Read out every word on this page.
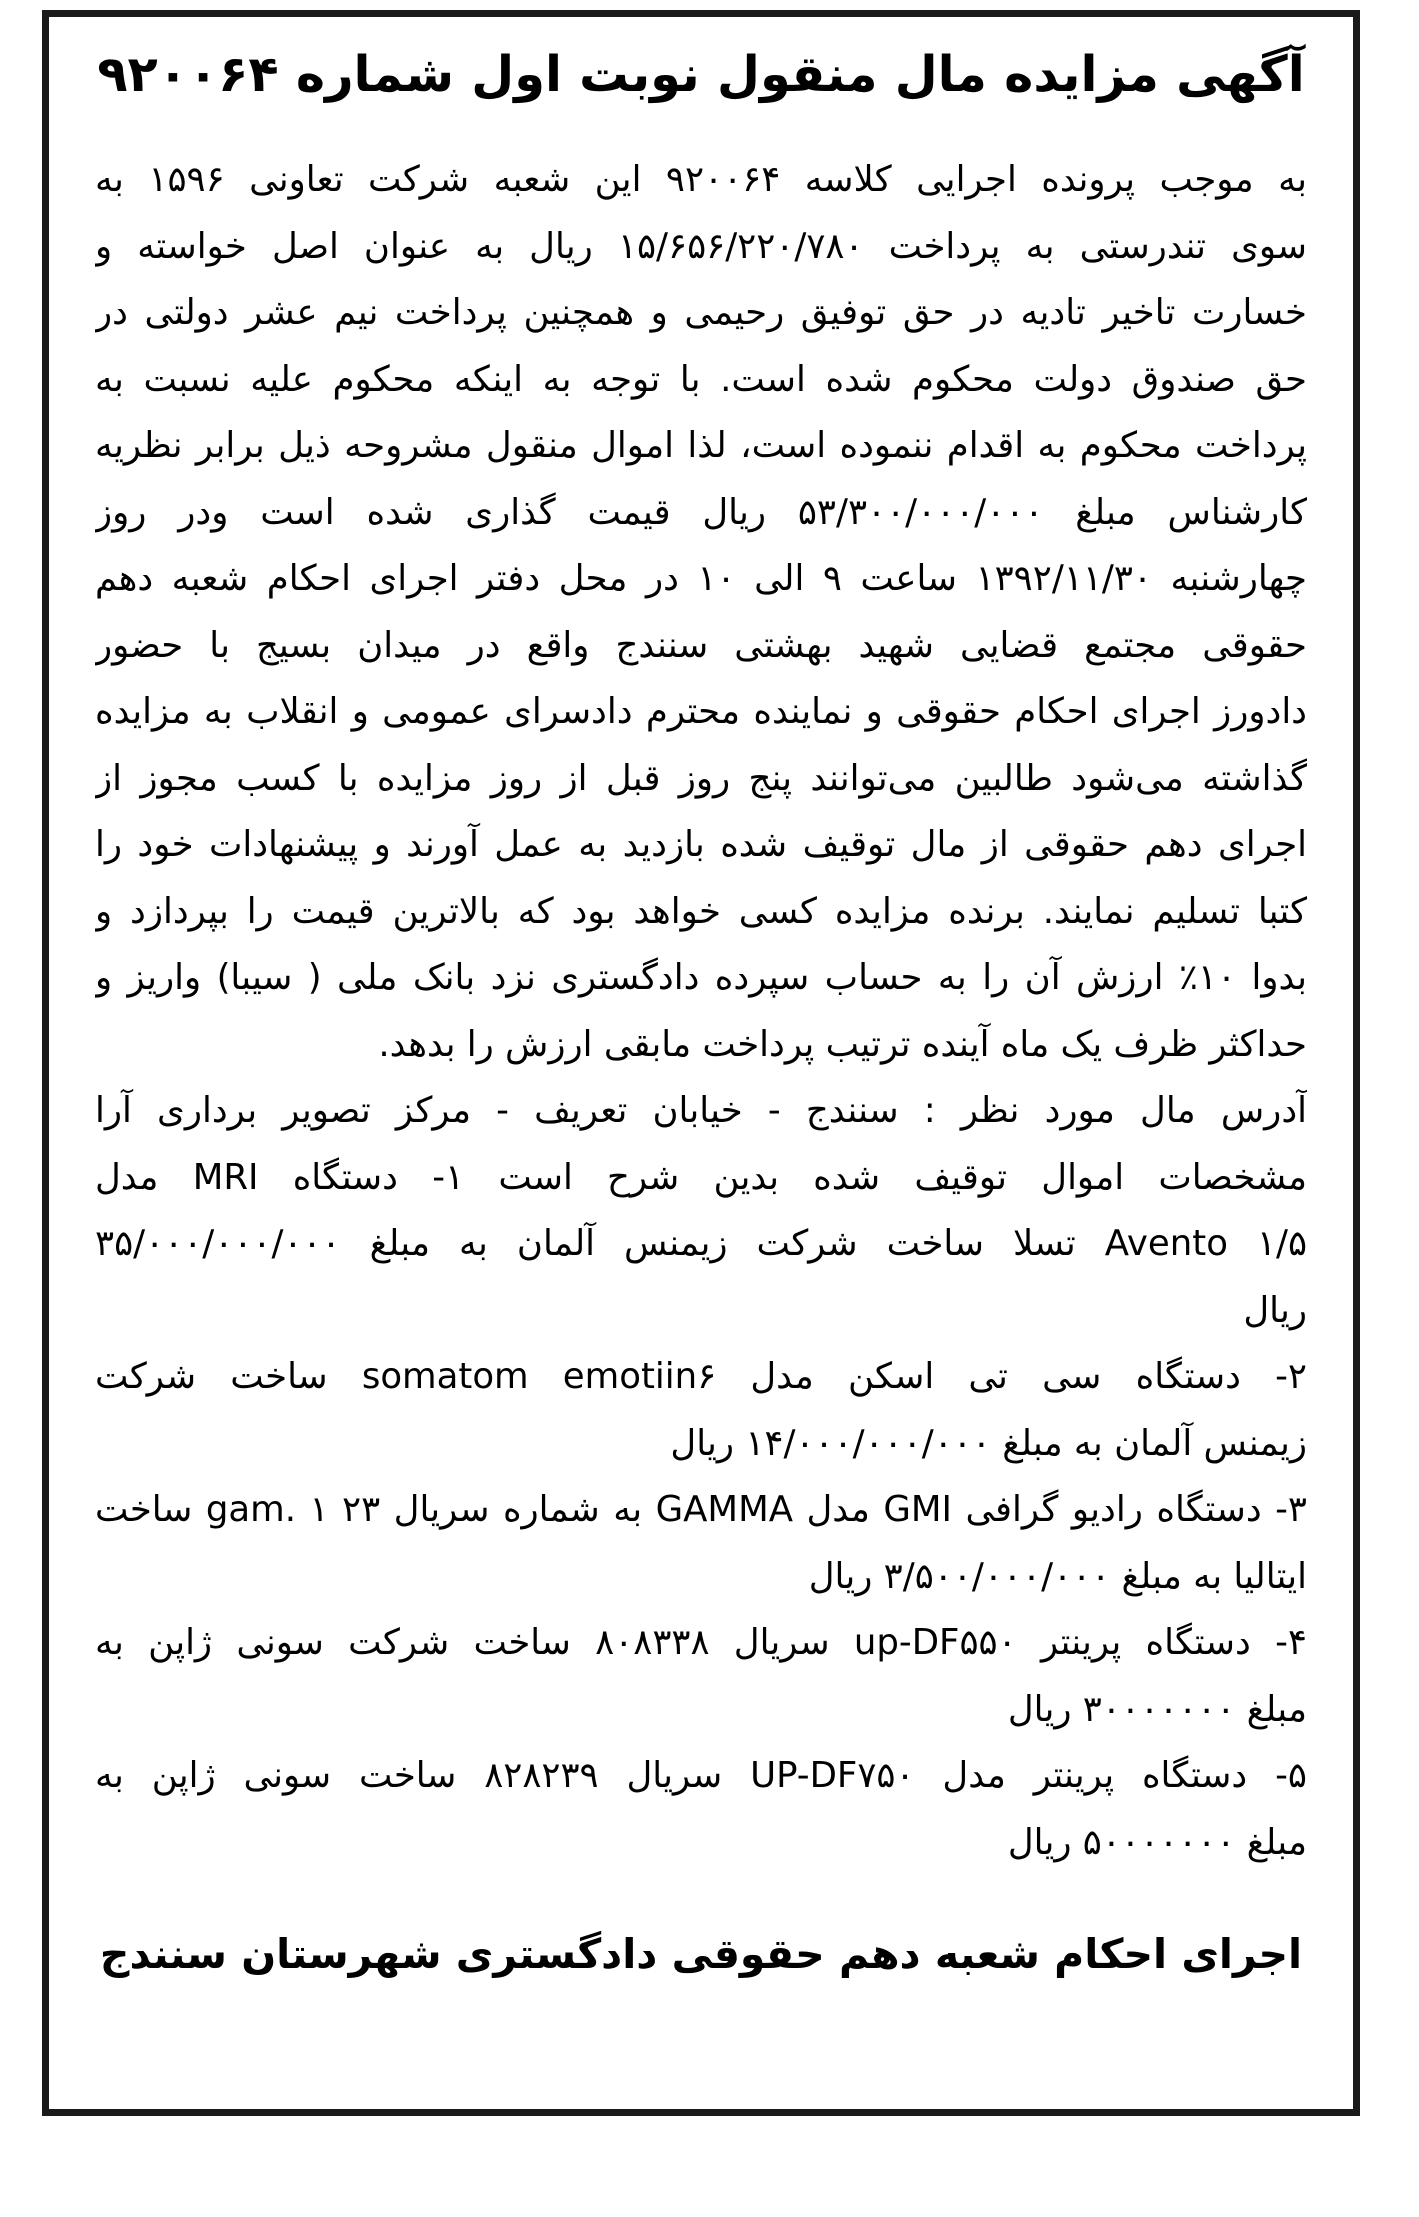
آگهی مزایده مال منقول نوبت اول شماره ۹۲۰۰۶۴
به موجب پرونده اجرایی کلاسه ۹۲۰۰۶۴ این شعبه شرکت تعاونی ۱۵۹۶ به
سوی تندرستی به پرداخت ۱۵/۶۵۶/۲۲۰/۷۸۰ ریال به عنوان اصل خواسته و
خسارت تاخیر تادیه در حق توفیق رحیمی و همچنین پرداخت نیم عشر دولتی در
حق صندوق دولت محکوم شده است. با توجه به اینکه محکوم علیه نسبت به
پرداخت محکوم به اقدام ننموده است، لذا اموال منقول مشروحه ذیل برابر نظریه
کارشناس مبلغ ۵۳/۳۰۰/۰۰۰/۰۰۰ ریال قیمت گذاری شده است ودر روز
چهارشنبه ۱۳۹۲/۱۱/۳۰ ساعت ۹ الی ۱۰ در محل دفتر اجرای احکام شعبه دهم
حقوقی مجتمع قضایی شهید بهشتی سنندج واقع در میدان بسیج با حضور
دادورز اجرای احکام حقوقی و نماینده محترم دادسرای عمومی و انقلاب به مزایده
گذاشته می‌شود طالبین می‌توانند پنج روز قبل از روز مزایده با کسب مجوز از
اجرای دهم حقوقی از مال توقیف شده بازدید به عمل آورند و پیشنهادات خود را
کتبا تسلیم نمایند. برنده مزایده کسی خواهد بود که بالاترین قیمت را بپردازد و
بدوا ۱۰٪ ارزش آن را به حساب سپرده دادگستری نزد بانک ملی ( سیبا) واریز و
حداکثر ظرف یک ماه آینده ترتیب پرداخت مابقی ارزش را بدهد.
آدرس مال مورد نظر : سنندج - خیابان تعریف - مرکز تصویر برداری آرا
مشخصات اموال توقیف شده بدین شرح است ۱- دستگاه MRI مدل
Avento ۱/۵ تسلا ساخت شرکت زیمنس آلمان به مبلغ ۳۵/۰۰۰/۰۰۰/۰۰۰
ریال
۲- دستگاه سی تی اسکن مدل somatom emotiin۶ ساخت شرکت
زیمنس آلمان به مبلغ ۱۴/۰۰۰/۰۰۰/۰۰۰ ریال
۳- دستگاه رادیو گرافی GMI مدل GAMMA به شماره سریال ۲۳ gam. ۱ ساخت
ایتالیا به مبلغ ۳/۵۰۰/۰۰۰/۰۰۰ ریال
۴- دستگاه پرینتر up-DF۵۵۰ سریال ۸۰۸۳۳۸ ساخت شرکت سونی ژاپن به
مبلغ ۳۰۰۰۰۰۰۰ ریال
۵- دستگاه پرینتر مدل UP-DF۷۵۰ سریال ۸۲۸۲۳۹ ساخت سونی ژاپن به
مبلغ ۵۰۰۰۰۰۰۰ ریال
اجرای احکام شعبه دهم حقوقی دادگستری شهرستان سنندج
